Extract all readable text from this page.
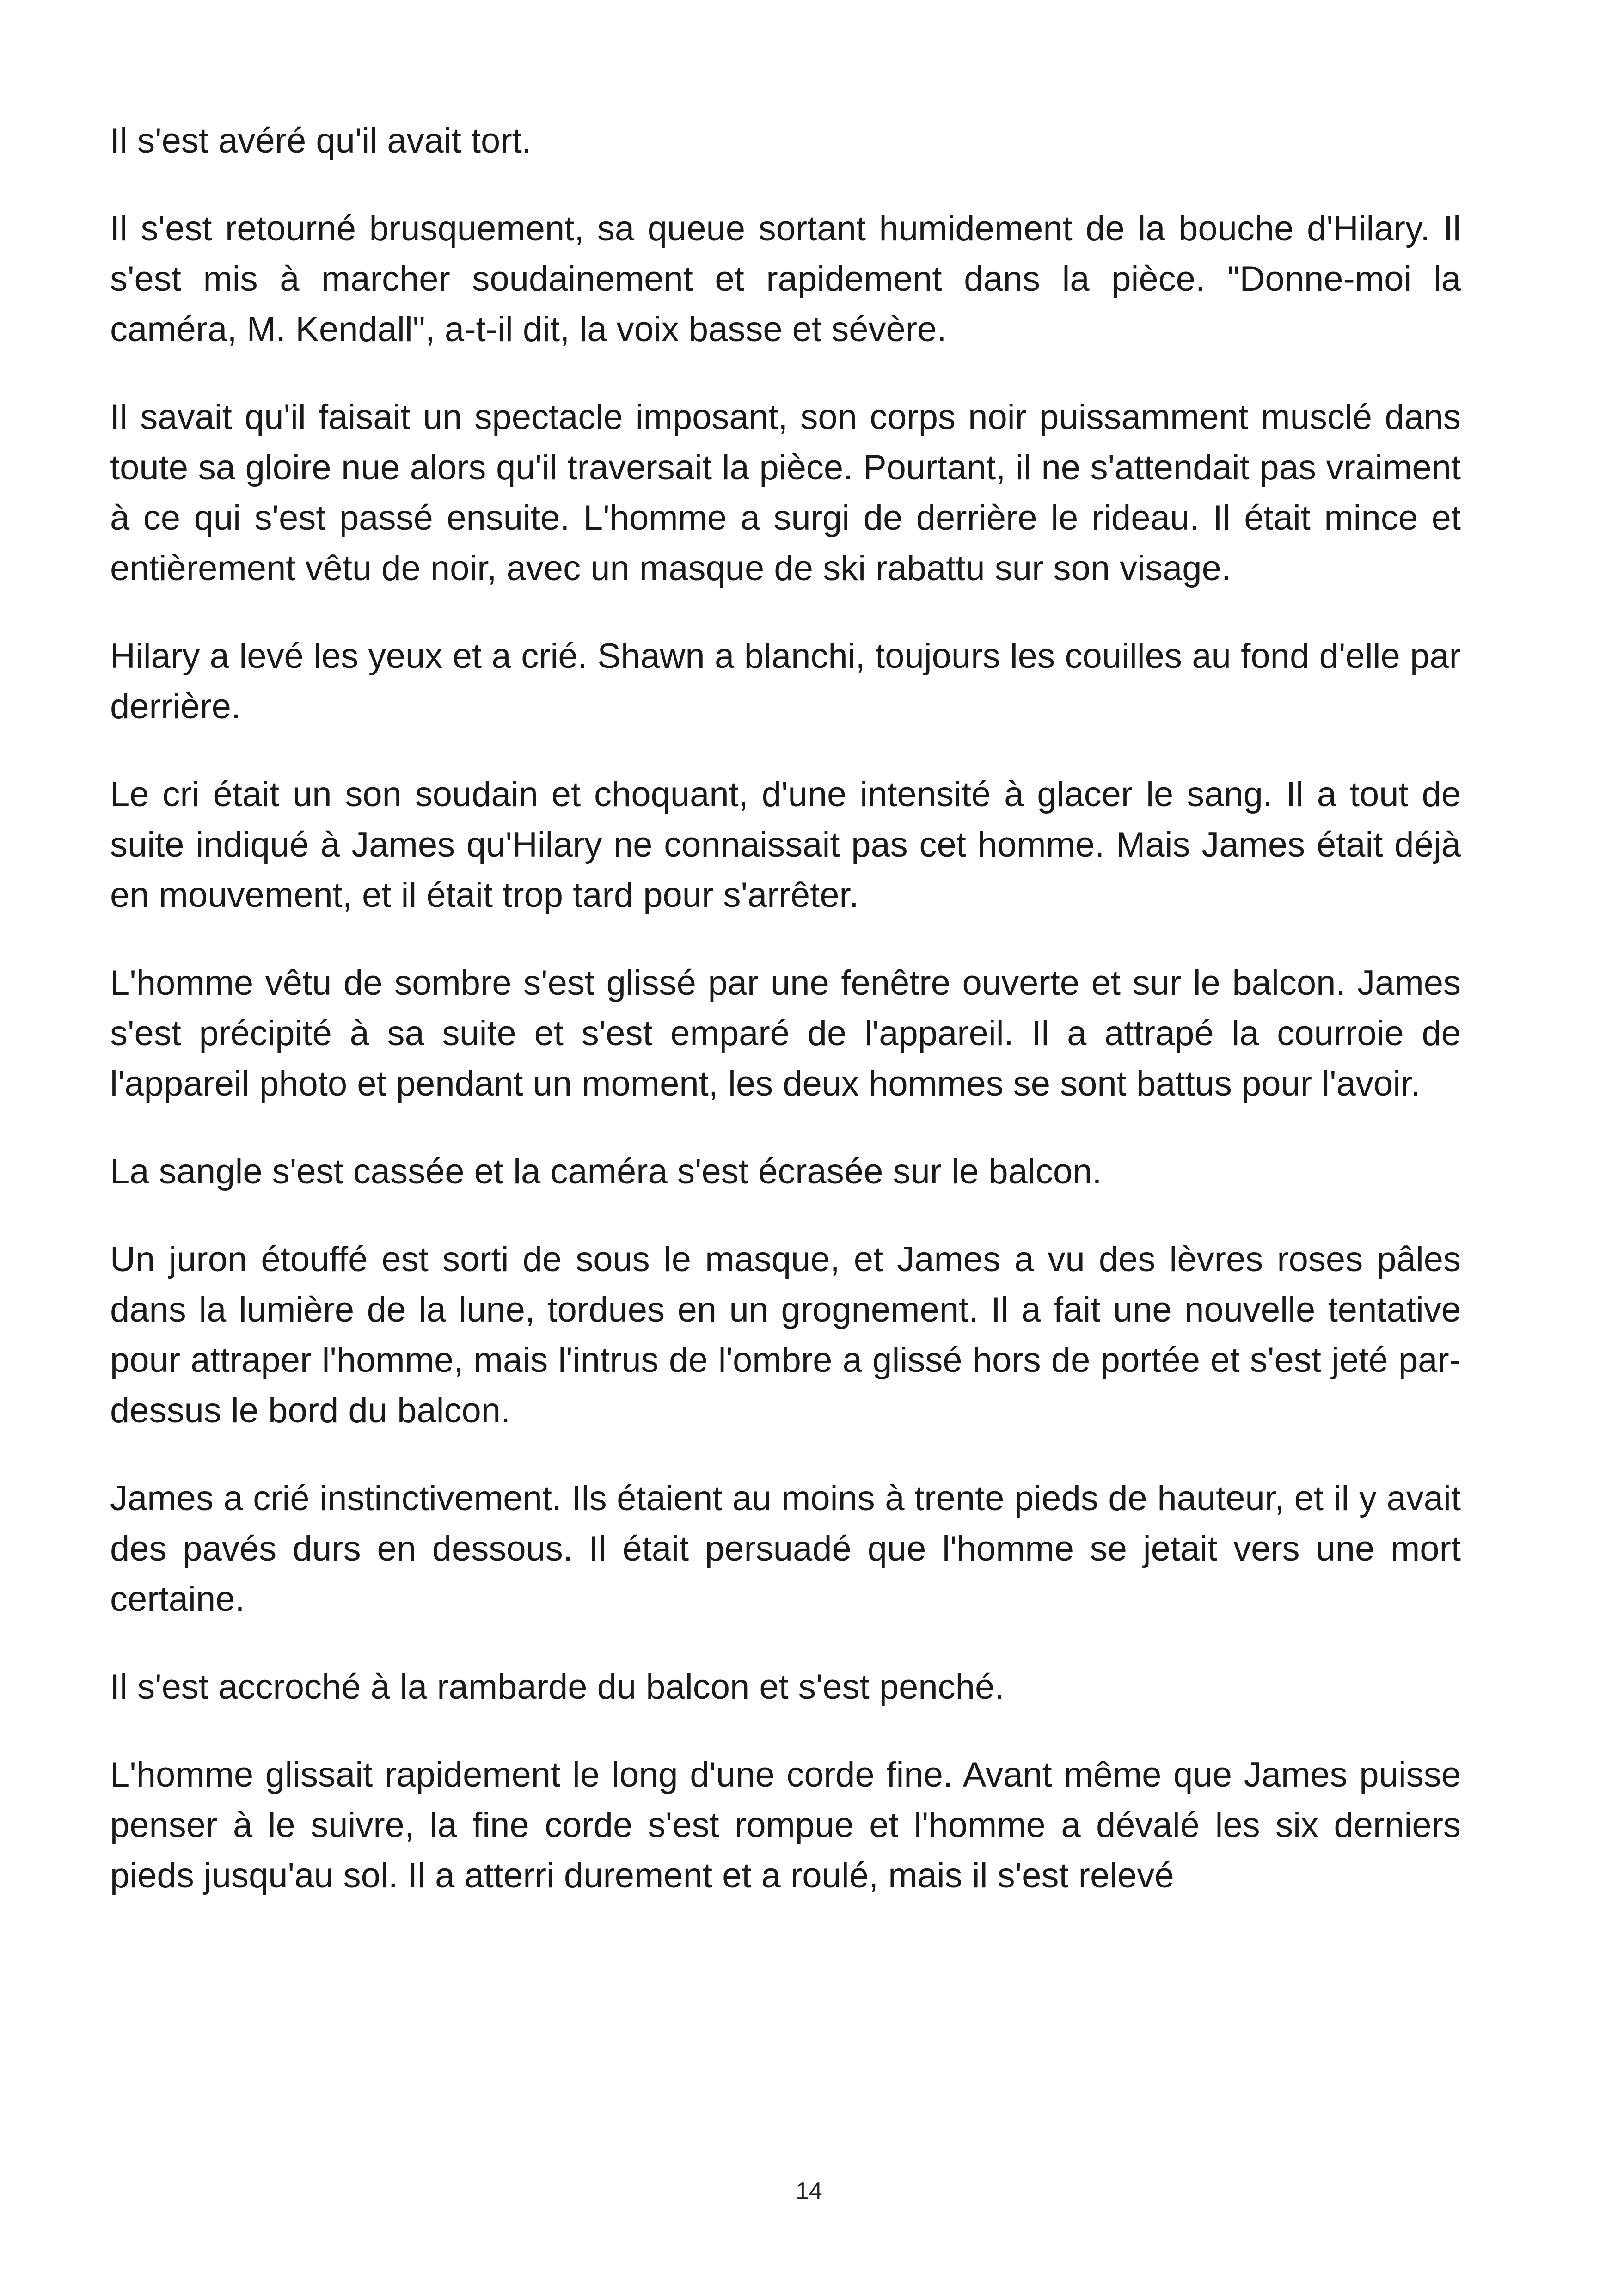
Il s'est avéré qu'il avait tort.

Il s'est retourné brusquement, sa queue sortant humidement de la bouche d'Hilary. Il s'est mis à marcher soudainement et rapidement dans la pièce. "Donne-moi la caméra, M. Kendall", a-t-il dit, la voix basse et sévère.

Il savait qu'il faisait un spectacle imposant, son corps noir puissamment musclé dans toute sa gloire nue alors qu'il traversait la pièce. Pourtant, il ne s'attendait pas vraiment à ce qui s'est passé ensuite. L'homme a surgi de derrière le rideau. Il était mince et entièrement vêtu de noir, avec un masque de ski rabattu sur son visage.

Hilary a levé les yeux et a crié. Shawn a blanchi, toujours les couilles au fond d'elle par derrière.

Le cri était un son soudain et choquant, d'une intensité à glacer le sang. Il a tout de suite indiqué à James qu'Hilary ne connaissait pas cet homme. Mais James était déjà en mouvement, et il était trop tard pour s'arrêter.

L'homme vêtu de sombre s'est glissé par une fenêtre ouverte et sur le balcon. James s'est précipité à sa suite et s'est emparé de l'appareil. Il a attrapé la courroie de l'appareil photo et pendant un moment, les deux hommes se sont battus pour l'avoir.

La sangle s'est cassée et la caméra s'est écrasée sur le balcon.

Un juron étouffé est sorti de sous le masque, et James a vu des lèvres roses pâles dans la lumière de la lune, tordues en un grognement. Il a fait une nouvelle tentative pour attraper l'homme, mais l'intrus de l'ombre a glissé hors de portée et s'est jeté par-dessus le bord du balcon.

James a crié instinctivement. Ils étaient au moins à trente pieds de hauteur, et il y avait des pavés durs en dessous. Il était persuadé que l'homme se jetait vers une mort certaine.

Il s'est accroché à la rambarde du balcon et s'est penché.

L'homme glissait rapidement le long d'une corde fine. Avant même que James puisse penser à le suivre, la fine corde s'est rompue et l'homme a dévalé les six derniers pieds jusqu'au sol. Il a atterri durement et a roulé, mais il s'est relevé

14
